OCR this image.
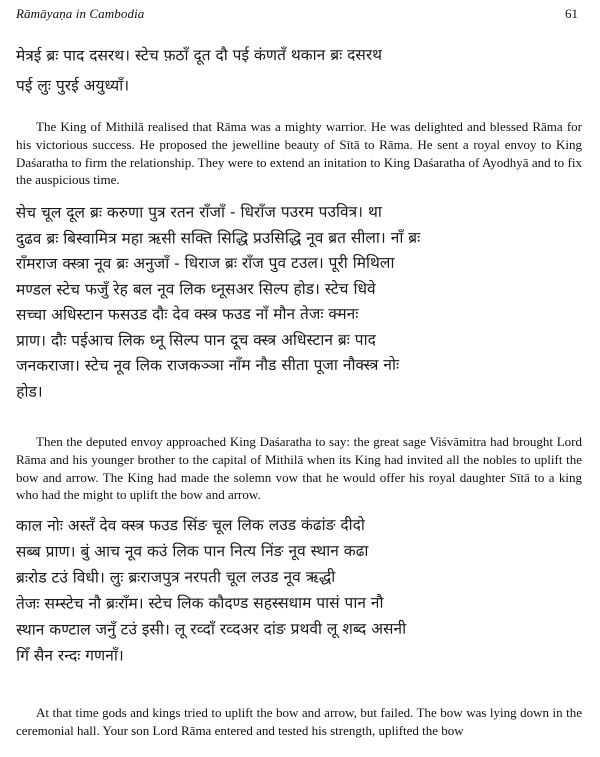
Rāmāyaṇa in Cambodia	61
मेत्रई ब्रः पाद दसरथ। स्टेच फ़ठाँ दूत दौ पई कंणतँ थकान ब्रः दसरथ
पई लुः पुरई अयुध्याँ।

The King of Mithilā realised that Rāma was a mighty warrior. He was delighted and blessed Rāma for his victorious success. He proposed the jewelline beauty of Sītā to Rāma. He sent a royal envoy to King Daśaratha to firm the relationship. They were to extend an initation to King Daśaratha of Ayodhyā and to fix the auspicious time.

सेच चूल दूल ब्रः करुणा पुत्र रतन राँजाँ - धिराँज पउरम पउवित्र। था
दुढव ब्रः बिस्वामित्र महा ऋसी सक्ति सिद्धि प्रउसिद्धि नूव ब्रत सीला। नाँ ब्रः
राँमराज क्स्त्रा नूव ब्रः अनुजाँ - धिराज ब्रः राँज पुव टउल। पूरी मिथिला
मण्डल स्टेच फजुँ रेह बल नूव लिक ध्नूसअर सिल्प होड। स्टेच धिवे
सच्चा अधिस्टान फसउड दौः देव क्स्त्र फउड नाँ मौन तेजः क्मनः
प्राण। दौः पईआच लिक ध्नू सिल्प पान दूच क्स्त्र अधिस्टान ब्रः पाद
जनकराजा। स्टेच नूव लिक राजकञ्ञा नाँम नौड सीता पूजा नौक्स्त्र नोः
होड।

Then the deputed envoy approached King Daśaratha to say: the great sage Viśvāmitra had brought Lord Rāma and his younger brother to the capital of Mithilā when its King had invited all the nobles to uplift the bow and arrow. The King had made the solemn vow that he would offer his royal daughter Sītā to a king who had the might to uplift the bow and arrow.

काल नोः अस्तँ देव क्स्त्र फउड सिंङ चूल लिक लउड कंढांङ दीदो
सब्ब प्राण। बुं आच नूव कउं लिक पान नित्य निंङ नूव स्थान कढा
ब्रःरोड टउं विधी। लुः ब्रःराजपुत्र नरपती चूल लउड नूव ऋद्धी
तेजः सम्स्टेच नौ ब्रःराँम। स्टेच लिक कौदण्ड सहस्सधाम पासं पान नौ
स्थान कण्टाल जनुँ टउं इसी। लू रव्दाँ रव्दअर दांङ प्रथवी लू शब्द असनी
गिँ सैन रन्दः गणनाँ।

At that time gods and kings tried to uplift the bow and arrow, but failed. The bow was lying down in the ceremonial hall. Your son Lord Rāma entered and tested his strength, uplifted the bow
